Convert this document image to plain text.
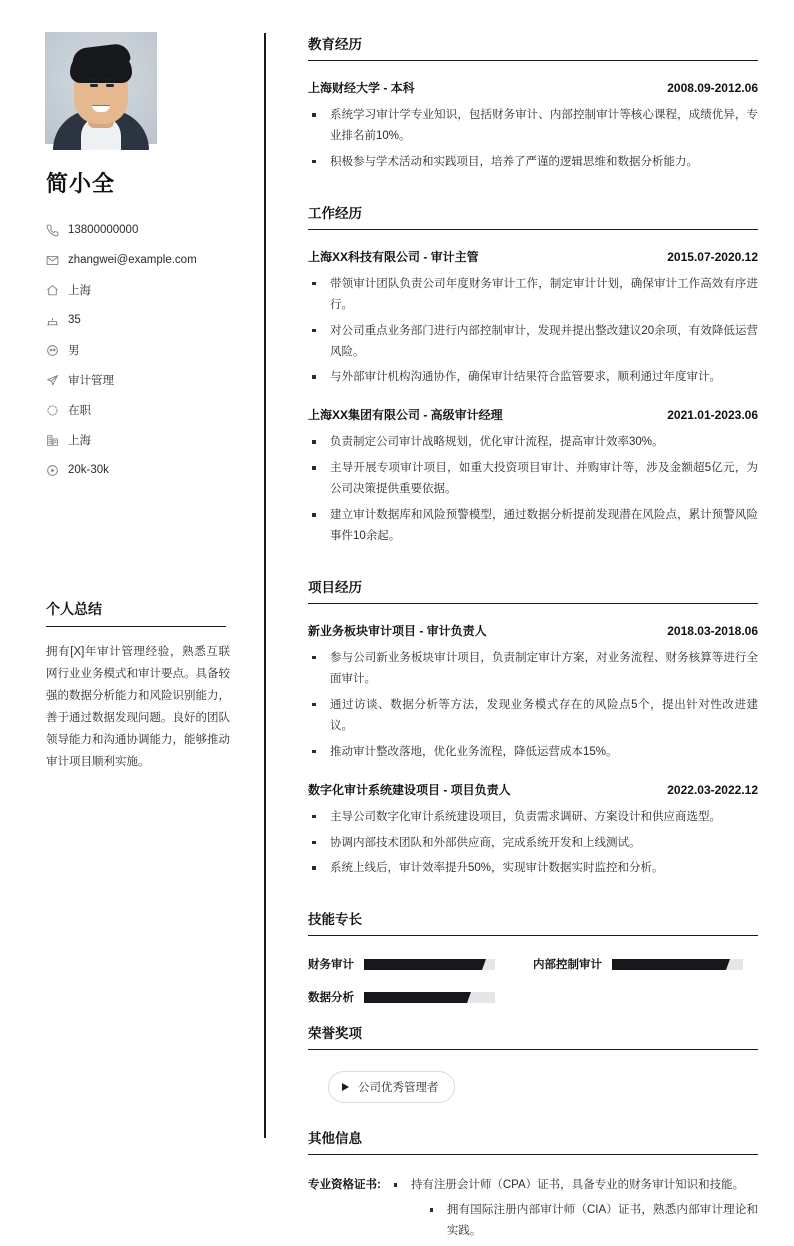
简小全
13800000000
zhangwei@example.com
上海
35
男
审计管理
在职
上海
20k-30k
个人总结

拥有[X]年审计管理经验，熟悉互联网行业业务模式和审计要点。具备较强的数据分析能力和风险识别能力，善于通过数据发现问题。良好的团队领导能力和沟通协调能力，能够推动审计项目顺利实施。

教育经历
上海财经大学 - 本科	2008.09-2012.06
系统学习审计学专业知识，包括财务审计、内部控制审计等核心课程，成绩优异，专业排名前10%。
积极参与学术活动和实践项目，培养了严谨的逻辑思维和数据分析能力。
工作经历
上海XX科技有限公司 - 审计主管	2015.07-2020.12
带领审计团队负责公司年度财务审计工作，制定审计计划，确保审计工作高效有序进行。
对公司重点业务部门进行内部控制审计，发现并提出整改建议20余项，有效降低运营风险。
与外部审计机构沟通协作，确保审计结果符合监管要求，顺利通过年度审计。
上海XX集团有限公司 - 高级审计经理	2021.01-2023.06
负责制定公司审计战略规划，优化审计流程，提高审计效率30%。
主导开展专项审计项目，如重大投资项目审计、并购审计等，涉及金额超5亿元，为公司决策提供重要依据。
建立审计数据库和风险预警模型，通过数据分析提前发现潜在风险点，累计预警风险事件10余起。
项目经历
新业务板块审计项目 - 审计负责人	2018.03-2018.06
参与公司新业务板块审计项目，负责制定审计方案，对业务流程、财务核算等进行全面审计。
通过访谈、数据分析等方法，发现业务模式存在的风险点5个，提出针对性改进建议。
推动审计整改落地，优化业务流程，降低运营成本15%。
数字化审计系统建设项目 - 项目负责人	2022.03-2022.12
主导公司数字化审计系统建设项目，负责需求调研、方案设计和供应商选型。
协调内部技术团队和外部供应商，完成系统开发和上线测试。
系统上线后，审计效率提升50%，实现审计数据实时监控和分析。
技能专长
财务审计	内部控制审计
数据分析
荣誉奖项
公司优秀管理者
其他信息
专业资格证书:	持有注册会计师（CPA）证书，具备专业的财务审计知识和技能。
拥有国际注册内部审计师（CIA）证书，熟悉内部审计理论和实践。
